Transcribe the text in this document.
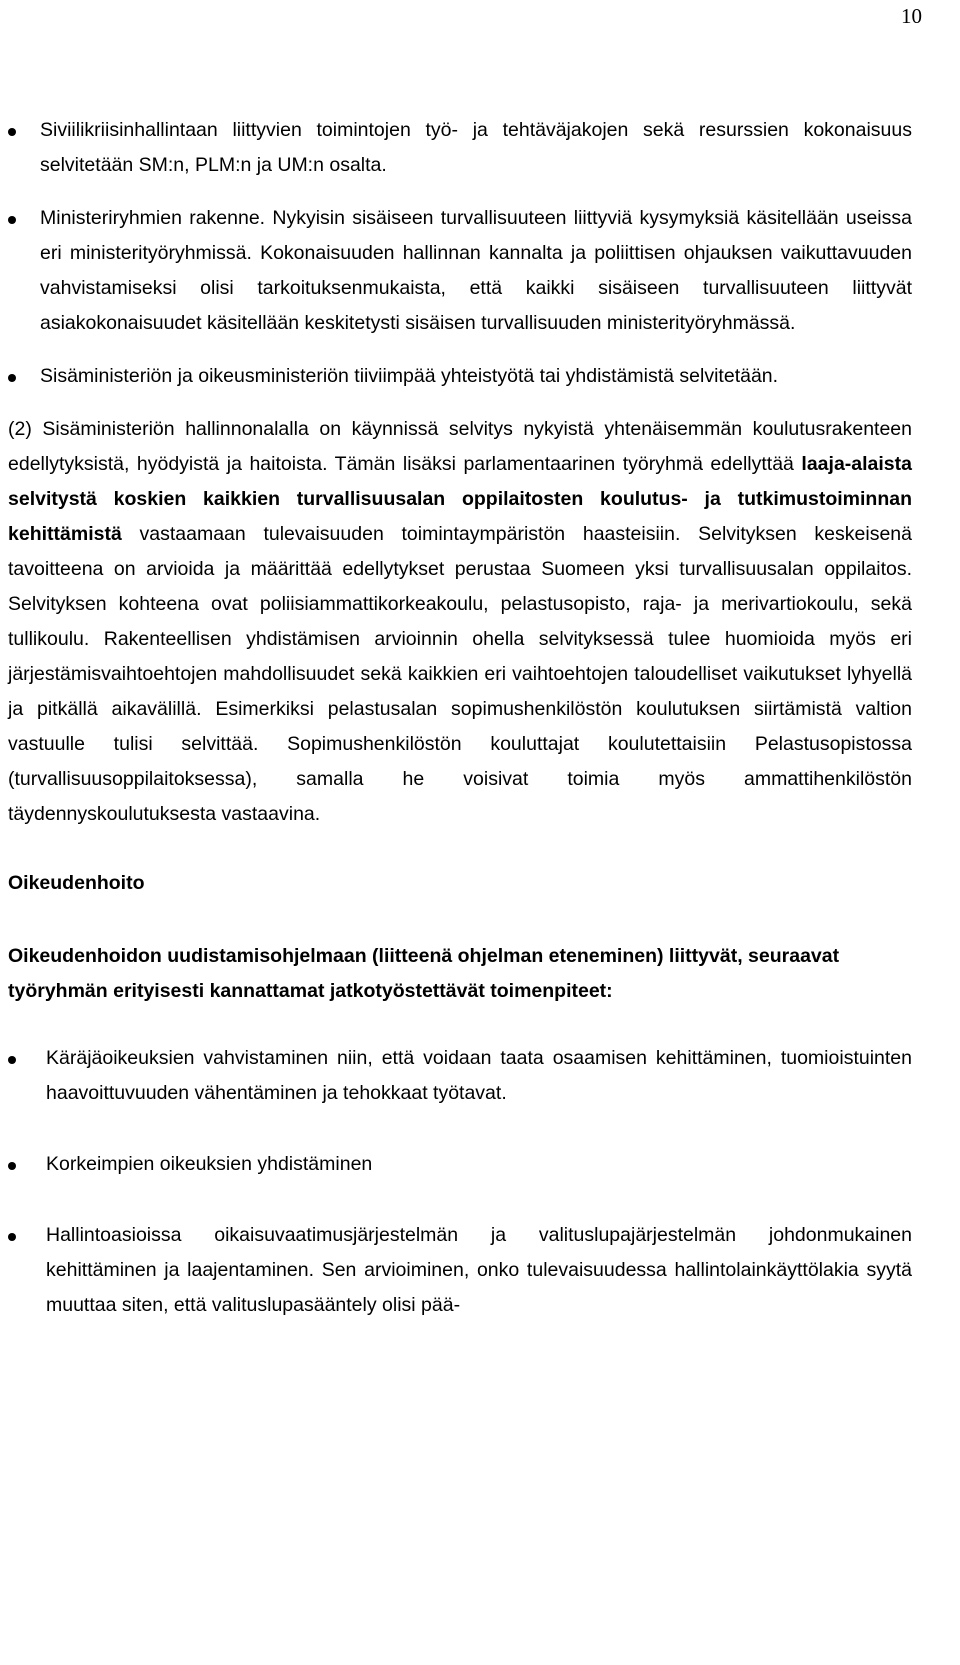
10
Siviilikriisinhallintaan liittyvien toimintojen työ- ja tehtäväjakojen sekä resurssien kokonaisuus selvitetään SM:n, PLM:n ja UM:n osalta.
Ministeriryhmien rakenne. Nykyisin sisäiseen turvallisuuteen liittyviä kysymyksiä käsitellään useissa eri ministerityöryhmissä. Kokonaisuuden hallinnan kannalta ja poliittisen ohjauksen vaikuttavuuden vahvistamiseksi olisi tarkoituksenmukaista, että kaikki sisäiseen turvallisuuteen liittyvät asiakokonaisuudet käsitellään keskitetysti sisäisen turvallisuuden ministerityöryhmässä.
Sisäministeriön ja oikeusministeriön tiiviimpää yhteistyötä tai yhdistämistä selvitetään.

(2) Sisäministeriön hallinnonalalla on käynnissä selvitys nykyistä yhtenäisemmän koulutusrakenteen edellytyksistä, hyödyistä ja haitoista. Tämän lisäksi parlamentaarinen työryhmä edellyttää laaja-alaista selvitystä koskien kaikkien turvallisuusalan oppilaitosten koulutus- ja tutkimustoiminnan kehittämistä vastaamaan tulevaisuuden toimintaympäristön haasteisiin. Selvityksen keskeisenä tavoitteena on arvioida ja määrittää edellytykset perustaa Suomeen yksi turvallisuusalan oppilaitos. Selvityksen kohteena ovat poliisiammattikorkeakoulu, pelastusopisto, raja- ja merivartiokoulu, sekä tullikoulu. Rakenteellisen yhdistämisen arvioinnin ohella selvityksessä tulee huomioida myös eri järjestämisvaihtoehtojen mahdollisuudet sekä kaikkien eri vaihtoehtojen taloudelliset vaikutukset lyhyellä ja pitkällä aikavälillä. Esimerkiksi pelastusalan sopimushenkilöstön koulutuksen siirtämistä valtion vastuulle tulisi selvittää. Sopimushenkilöstön kouluttajat koulutettaisiin Pelastusopistossa (turvallisuusoppilaitoksessa), samalla he voisivat toimia myös ammattihenkilöstön täydennyskoulutuksesta vastaavina.

Oikeudenhoito

Oikeudenhoidon uudistamisohjelmaan (liitteenä ohjelman eteneminen) liittyvät, seuraavat työryhmän erityisesti kannattamat jatkotyöstettävät toimenpiteet:

Käräjäoikeuksien vahvistaminen niin, että voidaan taata osaamisen kehittäminen, tuomioistuinten haavoittuvuuden vähentäminen ja tehokkaat työtavat.
Korkeimpien oikeuksien yhdistäminen
Hallintoasioissa oikaisuvaatimusjärjestelmän ja valituslupajärjestelmän johdonmukainen kehittäminen ja laajentaminen. Sen arvioiminen, onko tulevaisuudessa hallintolainkäyttölakia syytä muuttaa siten, että valituslupasääntely olisi pää-
